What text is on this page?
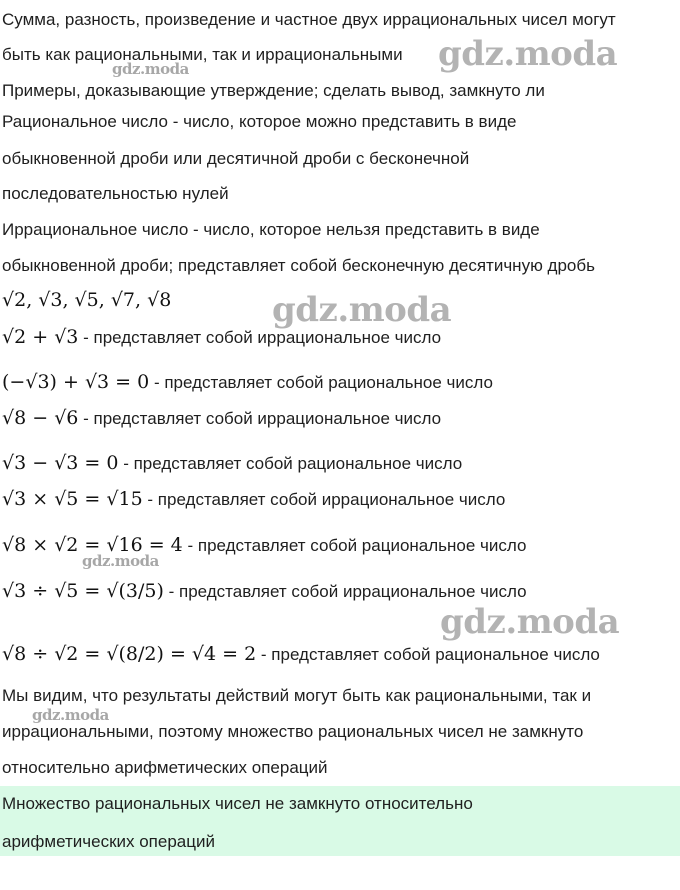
Сумма, разность, произведение и частное двух иррациональных чисел могут
быть как рациональными, так и иррациональными
Примеры, доказывающие утверждение; сделать вывод, замкнуто ли
Рациональное число - число, которое можно представить в виде
обыкновенной дроби или десятичной дроби с бесконечной
последовательностью нулей
Иррациональное число - число, которое нельзя представить в виде
обыкновенной дроби; представляет собой бесконечную десятичную дробь
√2, √3, √5, √7, √8
√2 + √3 - представляет собой иррациональное число
(−√3) + √3 = 0 - представляет собой рациональное число
√8 − √6 - представляет собой иррациональное число
√3 − √3 = 0 - представляет собой рациональное число
√3 × √5 = √15 - представляет собой иррациональное число
√8 × √2 = √16 = 4 - представляет собой рациональное число
√3 ÷ √5 = √(3/5) - представляет собой иррациональное число
√8 ÷ √2 = √(8/2) = √4 = 2 - представляет собой рациональное число
Мы видим, что результаты действий могут быть как рациональными, так и
иррациональными, поэтому множество рациональных чисел не замкнуто
относительно арифметических операций
Множество рациональных чисел не замкнуто относительно
арифметических операций
gdz.moda
gdz.moda
gdz.moda
gdz.moda
gdz.moda
gdz.moda
